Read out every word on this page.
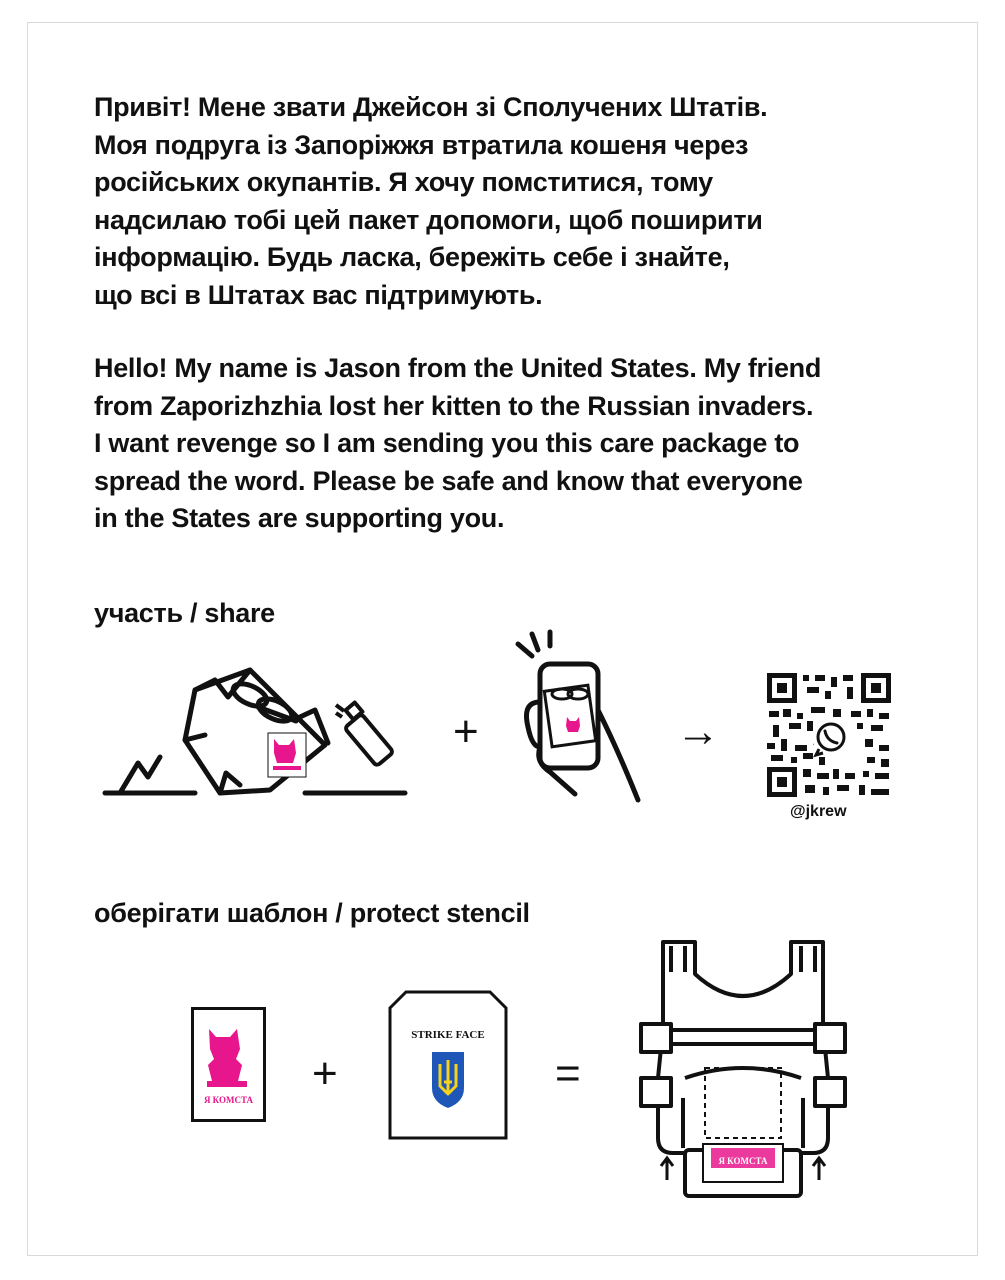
Привіт! Мене звати Джейсон зі Сполучених Штатів.
Моя подруга із Запоріжжя втратила кошеня через
російських окупантів. Я хочу помститися, тому
надсилаю тобі цей пакет допомоги, щоб поширити
інформацію. Будь ласка, бережіть себе і знайте,
що всі в Штатах вас підтримують.
Hello! My name is Jason from the United States. My friend
from Zaporizhzhia lost her kitten to the Russian invaders.
I want revenge so I am sending you this care package to
spread the word. Please be safe and know that everyone
in the States are supporting you.
участь / share
+	→
@jkrew
оберігати шаблон / protect stencil
Я КОМСТА
+
STRIKE FACE
=
Я КОМСТА
